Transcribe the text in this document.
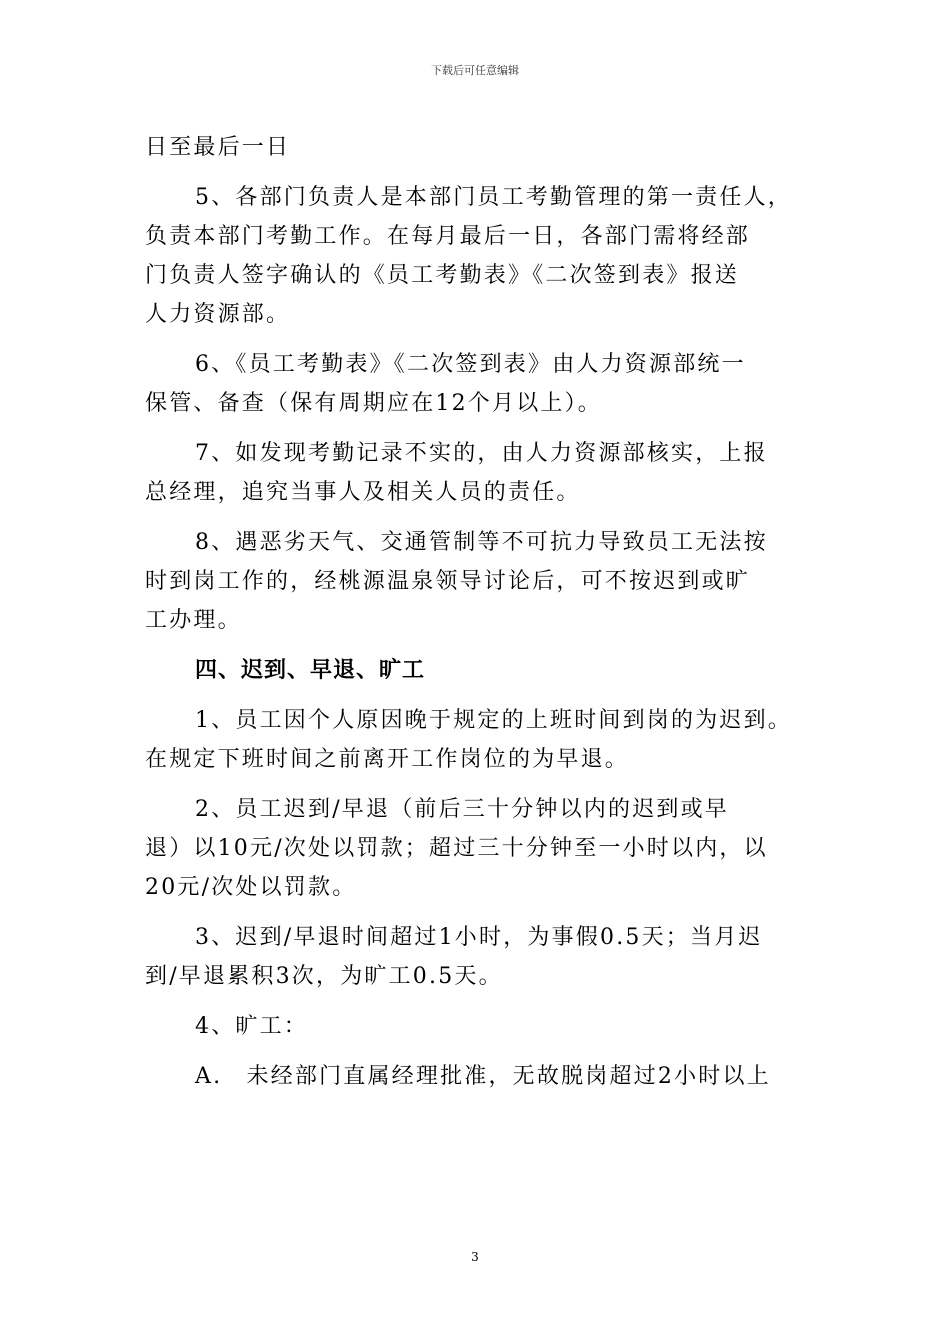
下载后可任意编辑
日至最后一日
5、各部门负责人是本部门员工考勤管理的第一责任人，
负责本部门考勤工作。在每月最后一日，各部门需将经部
门负责人签字确认的《员工考勤表》《二次签到表》报送
人力资源部。
6、《员工考勤表》《二次签到表》由人力资源部统一
保管、备查（保有周期应在12个月以上）。
7、如发现考勤记录不实的，由人力资源部核实，上报
总经理，追究当事人及相关人员的责任。
8、遇恶劣天气、交通管制等不可抗力导致员工无法按
时到岗工作的，经桃源温泉领导讨论后，可不按迟到或旷
工办理。
四、迟到、早退、旷工
1、员工因个人原因晚于规定的上班时间到岗的为迟到。
在规定下班时间之前离开工作岗位的为早退。
2、员工迟到/早退（前后三十分钟以内的迟到或早
退）以10元/次处以罚款；超过三十分钟至一小时以内，以
20元/次处以罚款。
3、迟到/早退时间超过1小时，为事假0.5天；当月迟
到/早退累积3次，为旷工0.5天。
4、旷工：
A.　未经部门直属经理批准，无故脱岗超过2小时以上
3
